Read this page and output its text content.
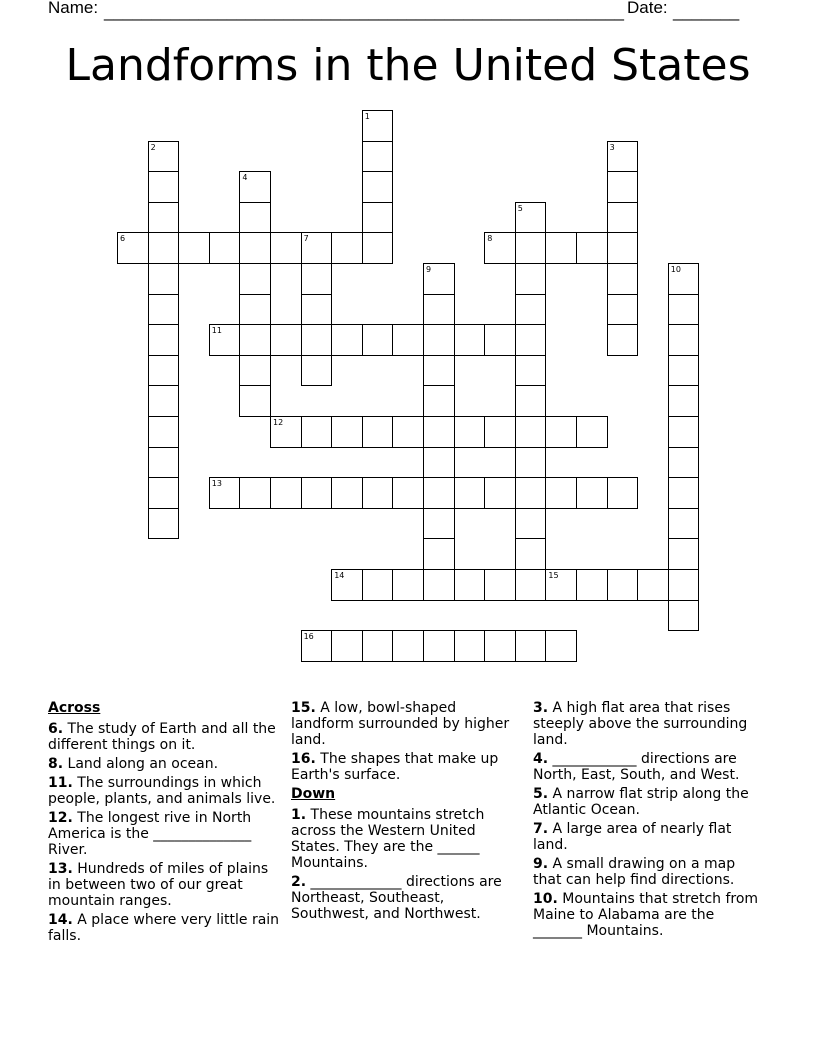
Name: _______________________________________________________ Date: _______
Landforms in the United States
1
2	3
4
5
6	7	8
9	10
11
12
13
14	15
16
Across
6. The study of Earth and all the different things on it.
8. Land along an ocean.
11. The surroundings in which people, plants, and animals live.
12. The longest rive in North America is the ______________ River.
13. Hundreds of miles of plains in between two of our great mountain ranges.
14. A place where very little rain falls.
15. A low, bowl-shaped landform surrounded by higher land.
16. The shapes that make up Earth's surface.
Down
1. These mountains stretch across the Western United States. They are the ______ Mountains.
2. _____________ directions are Northeast, Southeast, Southwest, and Northwest.
3. A high flat area that rises steeply above the surrounding land.
4. ____________ directions are North, East, South, and West.
5. A narrow flat strip along the Atlantic Ocean.
7. A large area of nearly flat land.
9. A small drawing on a map that can help find directions.
10. Mountains that stretch from Maine to Alabama are the _______ Mountains.
